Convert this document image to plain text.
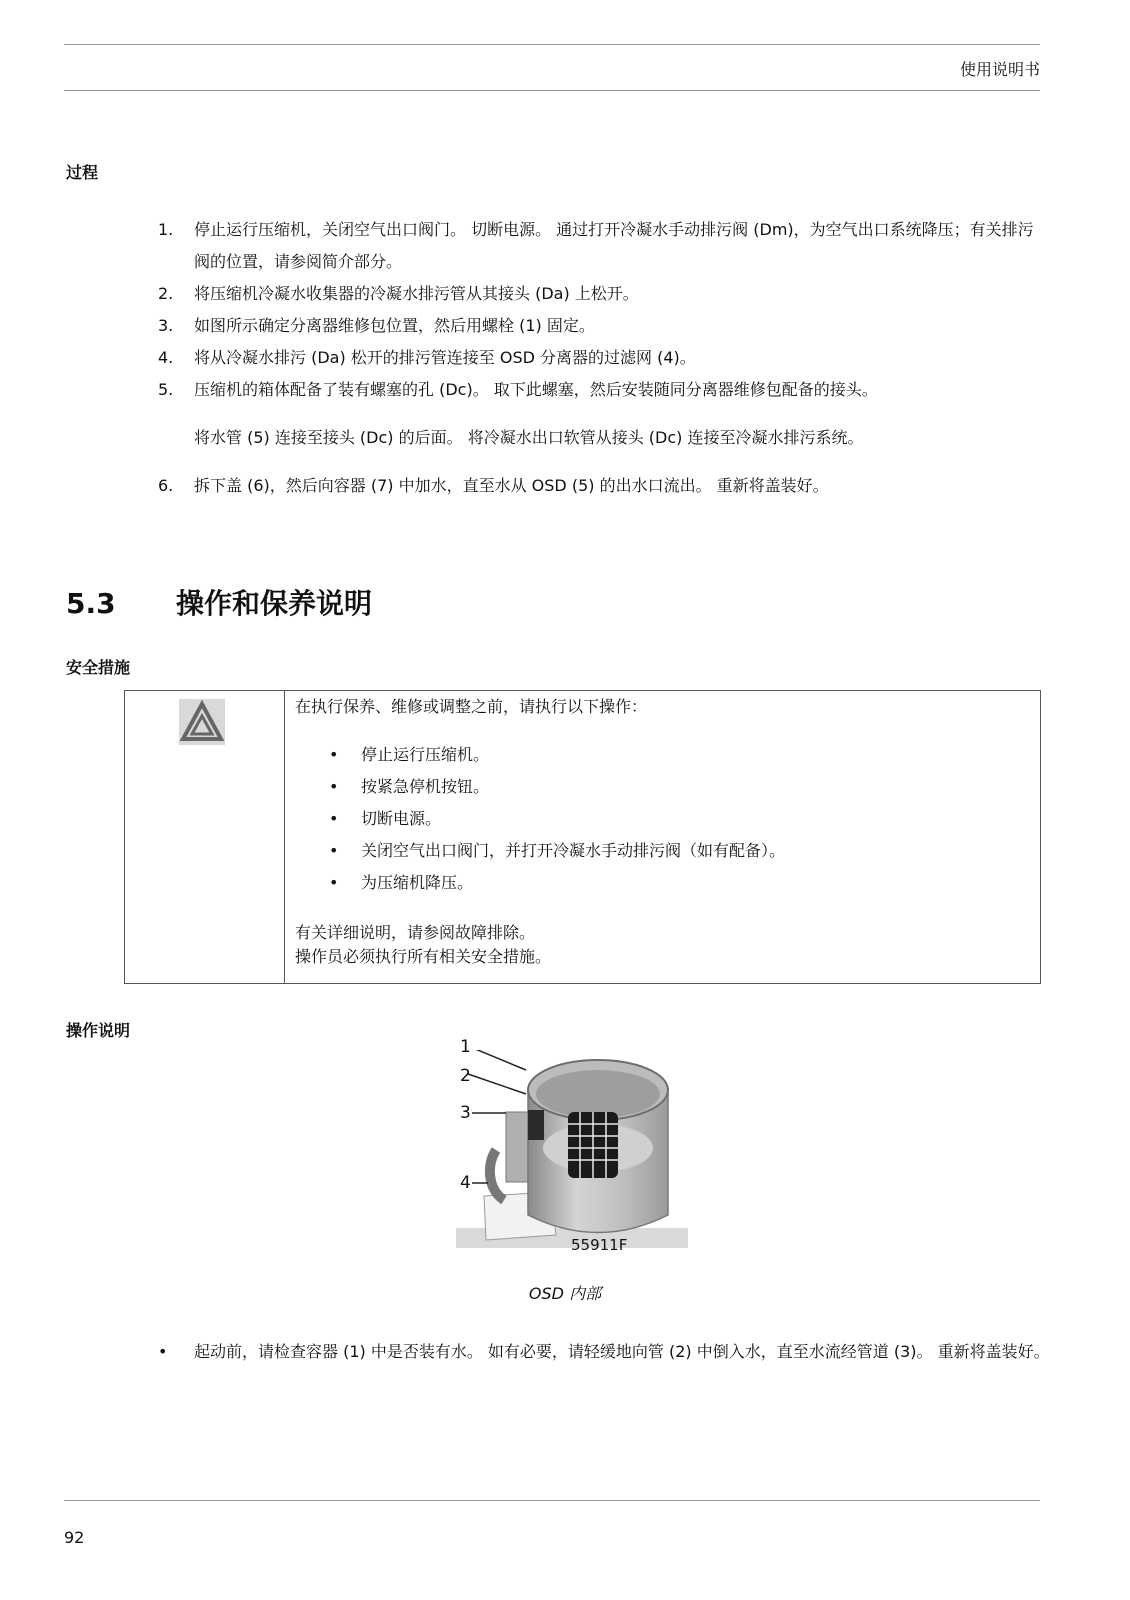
使用说明书
过程
1. 停止运行压缩机，关闭空气出口阀门。 切断电源。 通过打开冷凝水手动排污阀 (Dm)，为空气出口系统降压；有关排污阀的位置，请参阅简介部分。
2. 将压缩机冷凝水收集器的冷凝水排污管从其接头 (Da) 上松开。
3. 如图所示确定分离器维修包位置，然后用螺栓 (1) 固定。
4. 将从冷凝水排污 (Da) 松开的排污管连接至 OSD 分离器的过滤网 (4)。
5. 压缩机的箱体配备了装有螺塞的孔 (Dc)。 取下此螺塞，然后安装随同分离器维修包配备的接头。
将水管 (5) 连接至接头 (Dc) 的后面。 将冷凝水出口软管从接头 (Dc) 连接至冷凝水排污系统。
6. 拆下盖 (6)，然后向容器 (7) 中加水，直至水从 OSD (5) 的出水口流出。 重新将盖装好。
5.3 操作和保养说明
安全措施

在执行保养、维修或调整之前，请执行以下操作：

• 停止运行压缩机。
• 按紧急停机按钮。
• 切断电源。
• 关闭空气出口阀门，并打开冷凝水手动排污阀（如有配备）。
• 为压缩机降压。

有关详细说明，请参阅故障排除。

操作员必须执行所有相关安全措施。

操作说明
1
2
3
4
55911F
OSD 内部
• 起动前，请检查容器 (1) 中是否装有水。 如有必要，请轻缓地向管 (2) 中倒入水，直至水流经管道 (3)。 重新将盖装好。
92
